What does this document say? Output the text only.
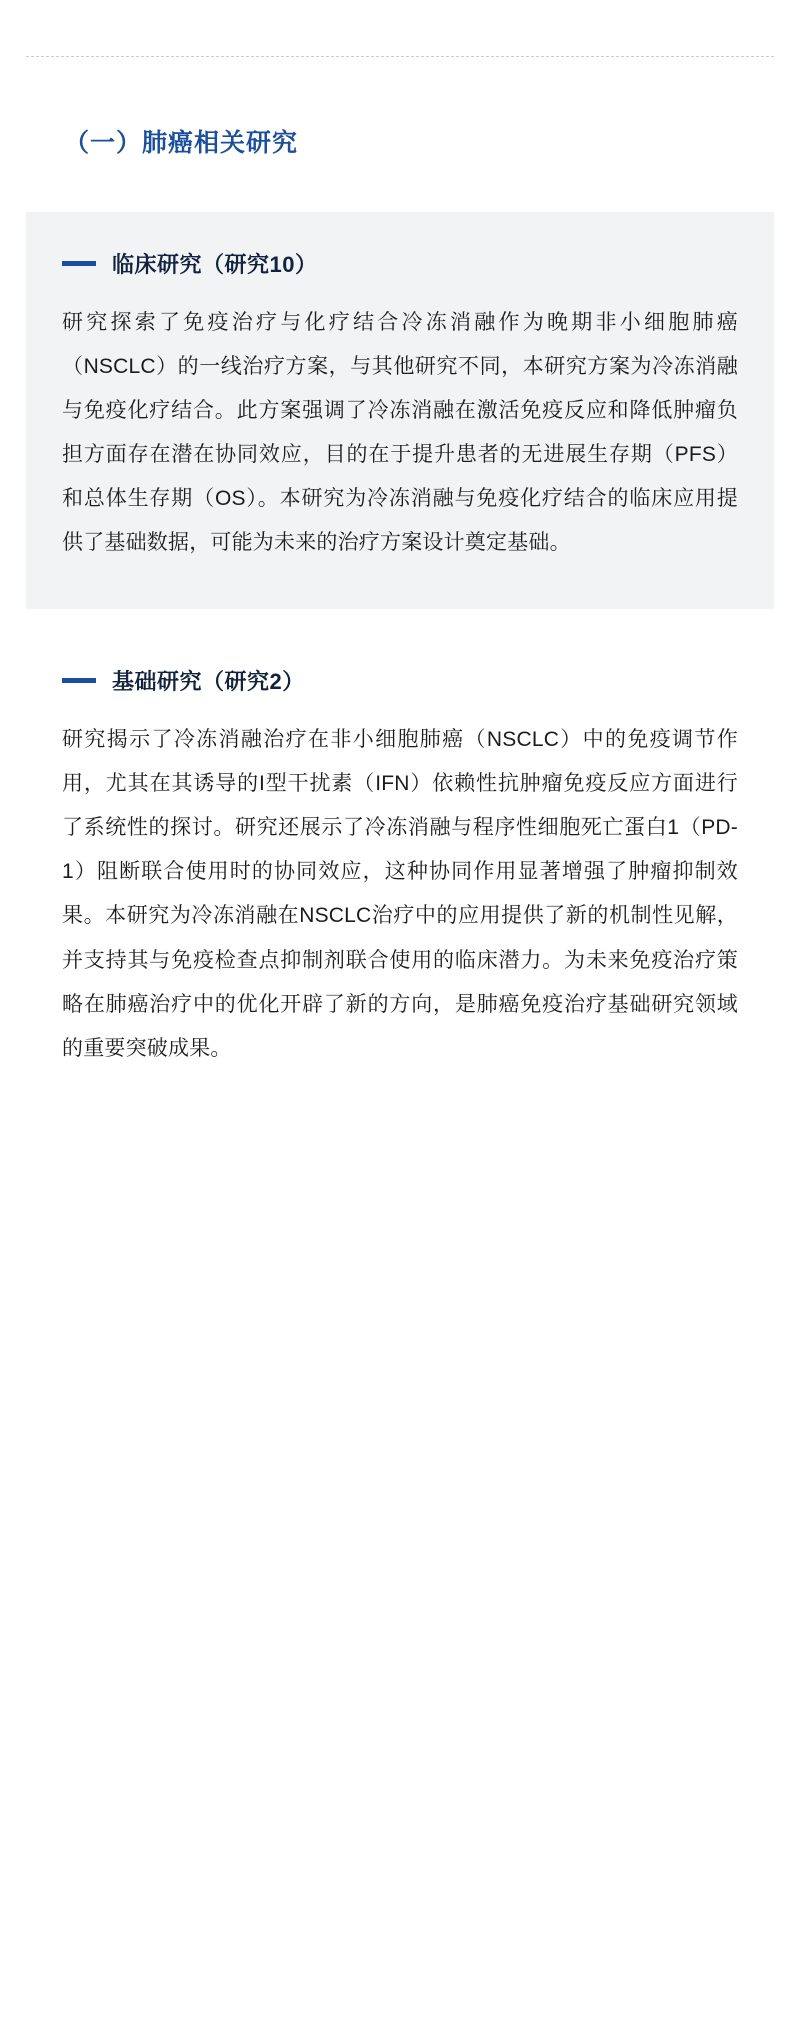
（一）肺癌相关研究
临床研究（研究10）

研究探索了免疫治疗与化疗结合冷冻消融作为晚期非小细胞肺癌（NSCLC）的一线治疗方案，与其他研究不同，本研究方案为冷冻消融与免疫化疗结合。此方案强调了冷冻消融在激活免疫反应和降低肿瘤负担方面存在潜在协同效应，目的在于提升患者的无进展生存期（PFS）和总体生存期（OS）。本研究为冷冻消融与免疫化疗结合的临床应用提供了基础数据，可能为未来的治疗方案设计奠定基础。

基础研究（研究2）

研究揭示了冷冻消融治疗在非小细胞肺癌（NSCLC）中的免疫调节作用，尤其在其诱导的I型干扰素（IFN）依赖性抗肿瘤免疫反应方面进行了系统性的探讨。研究还展示了冷冻消融与程序性细胞死亡蛋白1（PD-1）阻断联合使用时的协同效应，这种协同作用显著增强了肿瘤抑制效果。本研究为冷冻消融在NSCLC治疗中的应用提供了新的机制性见解，并支持其与免疫检查点抑制剂联合使用的临床潜力。为未来免疫治疗策略在肺癌治疗中的优化开辟了新的方向，是肺癌免疫治疗基础研究领域的重要突破成果。
